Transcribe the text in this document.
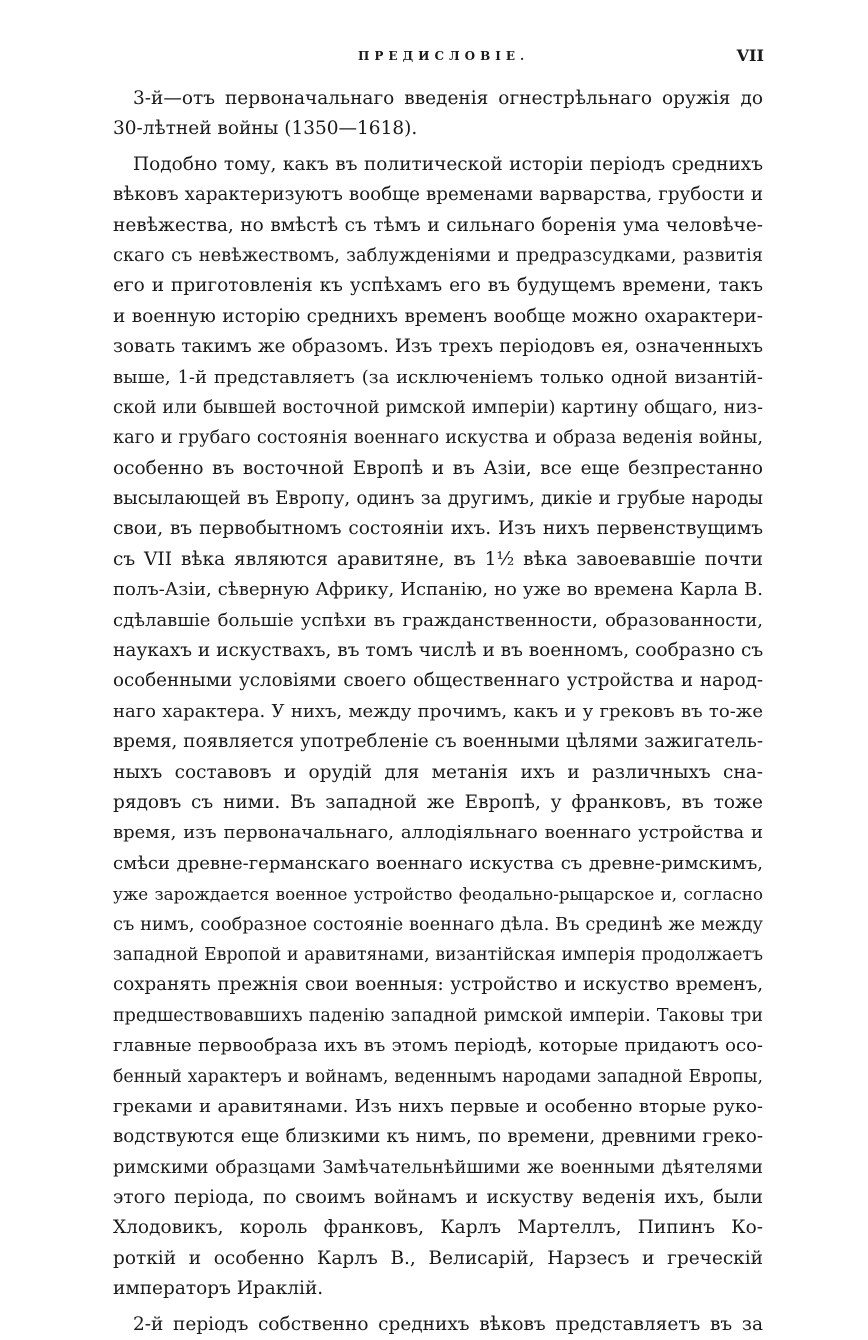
ПРЕДИСЛОВІЕ.	VII
3-й—отъ первоначальнаго введенія огнестрѣльнаго оружія до
30-лѣтней войны (1350—1618).
Подобно тому, какъ въ политической исторіи періодъ среднихъ
вѣковъ характеризуютъ вообще временами варварства, грубости и
невѣжества, но вмѣстѣ съ тѣмъ и сильнаго боренія ума человѣче-
скаго съ невѣжествомъ, заблужденіями и предразсудками, развитія
его и приготовленія къ успѣхамъ его въ будущемъ времени, такъ
и военную исторію среднихъ временъ вообще можно охарактери-
зовать такимъ же образомъ. Изъ трехъ періодовъ ея, означенныхъ
выше, 1-й представляетъ (за исключеніемъ только одной византій-
ской или бывшей восточной римской имперіи) картину общаго, низ-
каго и грубаго состоянія военнаго искуства и образа веденія войны,
особенно въ восточной Европѣ и въ Азіи, все еще безпрестанно
высылающей въ Европу, одинъ за другимъ, дикіе и грубые народы
свои, въ первобытномъ состояніи ихъ. Изъ нихъ первенствущимъ
съ VII вѣка являются аравитяне, въ 1½ вѣка завоевавшіе почти
полъ-Азіи, сѣверную Африку, Испанію, но уже во времена Карла В.
сдѣлавшіе большіе успѣхи въ гражданственности, образованности,
наукахъ и искуствахъ, въ томъ числѣ и въ военномъ, сообразно съ
особенными условіями своего общественнаго устройства и народ-
наго характера. У нихъ, между прочимъ, какъ и у грековъ въ то-же
время, появляется употребленіе съ военными цѣлями зажигатель-
ныхъ составовъ и орудій для метанія ихъ и различныхъ сна-
рядовъ съ ними. Въ западной же Европѣ, у франковъ, въ тоже
время, изъ первоначальнаго, аллодіяльнаго военнаго устройства и
смѣси древне-германскаго военнаго искуства съ древне-римскимъ,
уже зарождается военное устройство феодально-рыцарское и, согласно
съ нимъ, сообразное состояніе военнаго дѣла. Въ срединѣ же между
западной Европой и аравитянами, византійская имперія продолжаетъ
сохранять прежнія свои военныя: устройство и искуство временъ,
предшествовавшихъ паденію западной римской имперіи. Таковы три
главные первообраза ихъ въ этомъ періодѣ, которые придаютъ осо-
бенный характеръ и войнамъ, веденнымъ народами западной Европы,
греками и аравитянами. Изъ нихъ первые и особенно вторые руко-
водствуются еще близкими къ нимъ, по времени, древними греко-
римскими образцами Замѣчательнѣйшими же военными дѣятелями
этого періода, по своимъ войнамъ и искуству веденія ихъ, были
Хлодовикъ, король франковъ, Карлъ Мартеллъ, Пипинъ Ко-
роткій и особенно Карлъ В., Велисарій, Нарзесъ и греческій
императоръ Ираклій.
2-й періодъ собственно среднихъ вѣковъ представляетъ въ за
